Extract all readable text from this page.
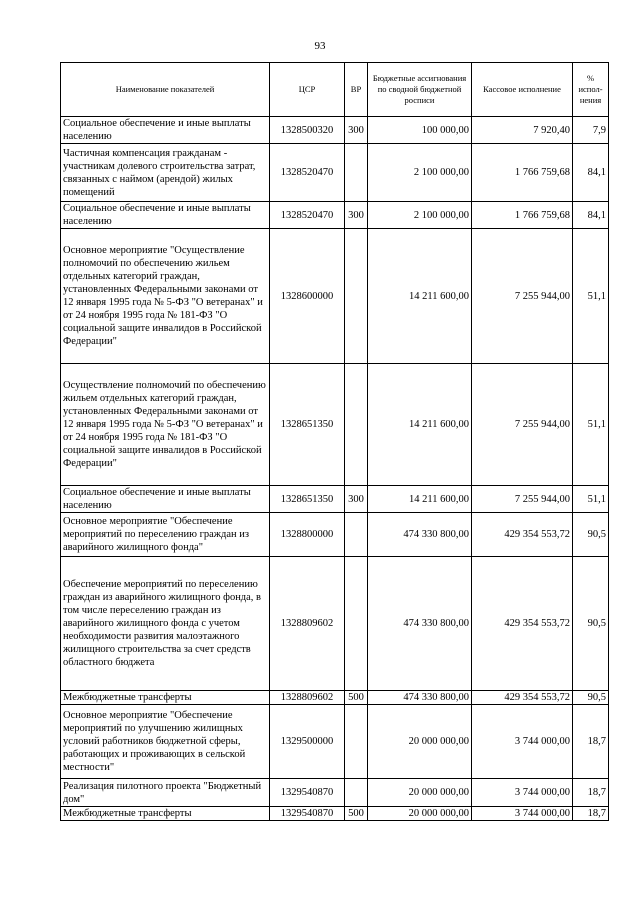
93
Наименование показателей	ЦСР	ВР	Бюджетные ассигнования по сводной бюджетной росписи	Кассовое исполнение	% испол-нения
Социальное обеспечение и иные выплаты населению	1328500320	300	100 000,00	7 920,40	7,9
Частичная компенсация гражданам - участникам долевого строительства затрат, связанных с наймом (арендой) жилых помещений	1328520470		2 100 000,00	1 766 759,68	84,1
Социальное обеспечение и иные выплаты населению	1328520470	300	2 100 000,00	1 766 759,68	84,1
Основное мероприятие "Осуществление полномочий по обеспечению жильем отдельных категорий граждан, установленных Федеральными законами от 12 января 1995 года № 5-ФЗ "О ветеранах" и от 24 ноября 1995 года № 181-ФЗ "О социальной защите инвалидов в Российской Федерации"	1328600000		14 211 600,00	7 255 944,00	51,1
Осуществление полномочий по обеспечению жильем отдельных категорий граждан, установленных Федеральными законами от 12 января 1995 года № 5-ФЗ "О ветеранах" и от 24 ноября 1995 года № 181-ФЗ "О социальной защите инвалидов в Российской Федерации"	1328651350		14 211 600,00	7 255 944,00	51,1
Социальное обеспечение и иные выплаты населению	1328651350	300	14 211 600,00	7 255 944,00	51,1
Основное мероприятие "Обеспечение мероприятий по переселению граждан из аварийного жилищного фонда"	1328800000		474 330 800,00	429 354 553,72	90,5
Обеспечение мероприятий по переселению граждан из аварийного жилищного фонда, в том числе переселению граждан из аварийного жилищного фонда с учетом необходимости развития малоэтажного жилищного строительства за счет средств областного бюджета	1328809602		474 330 800,00	429 354 553,72	90,5
Межбюджетные трансферты	1328809602	500	474 330 800,00	429 354 553,72	90,5
Основное мероприятие "Обеспечение мероприятий по улучшению жилищных условий работников бюджетной сферы, работающих и проживающих в сельской местности"	1329500000		20 000 000,00	3 744 000,00	18,7
Реализация пилотного проекта "Бюджетный дом"	1329540870		20 000 000,00	3 744 000,00	18,7
Межбюджетные трансферты	1329540870	500	20 000 000,00	3 744 000,00	18,7
